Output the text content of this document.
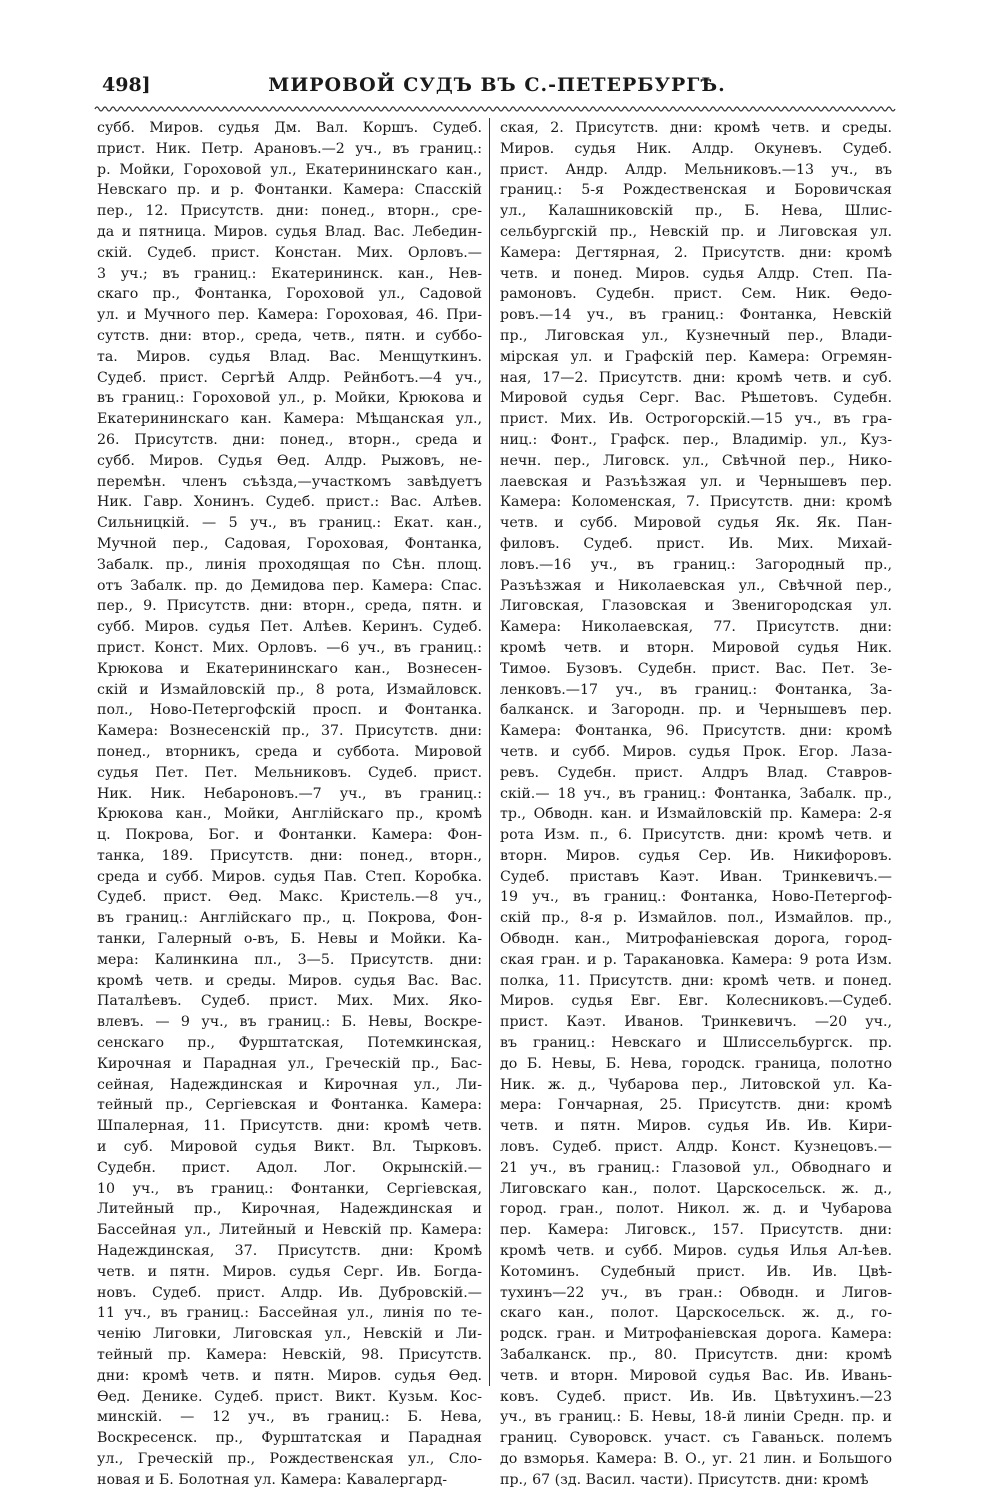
498]	МИРОВОЙ СУДЪ ВЪ С.-ПЕТЕРБУРГѢ.
субб. Миров. судья Дм. Вал. Коршъ. Судеб.
прист. Ник. Петр. Арановъ.—2 уч., въ границ.:
р. Мойки, Гороховой ул., Екатерининскаго кан.,
Невскаго пр. и р. Фонтанки. Камера: Спасскій
пер., 12. Присутств. дни: понед., вторн., сре-
да и пятница. Миров. судья Влад. Вас. Лебедин-
скій. Судеб. прист. Констан. Мих. Орловъ.—
3 уч.; въ границ.: Екатерининск. кан., Нев-
скаго пр., Фонтанка, Гороховой ул., Садовой
ул. и Мучного пер. Камера: Гороховая, 46. При-
сутств. дни: втор., среда, четв., пятн. и суббо-
та. Миров. судья Влад. Вас. Менщуткинъ.
Судеб. прист. Сергѣй Алдр. Рейнботъ.—4 уч.,
въ границ.: Гороховой ул., р. Мойки, Крюкова и
Екатерининскаго кан. Камера: Мѣщанская ул.,
26. Присутств. дни: понед., вторн., среда и
субб. Миров. Судья Ѳед. Алдр. Рыжовъ, не-
перемѣн. членъ съѣзда,—участкомъ завѣдуетъ
Ник. Гавр. Хонинъ. Судеб. прист.: Вас. Алѣев.
Сильницкій. — 5 уч., въ границ.: Екат. кан.,
Мучной пер., Садовая, Гороховая, Фонтанка,
Забалк. пр., линія проходящая по Сѣн. площ.
отъ Забалк. пр. до Демидова пер. Камера: Спас.
пер., 9. Присутств. дни: вторн., среда, пятн. и
субб. Миров. судья Пет. Алѣев. Керинъ. Судеб.
прист. Конст. Мих. Орловъ. —6 уч., въ границ.:
Крюкова и Екатерининскаго кан., Вознесен-
скій и Измайловскій пр., 8 рота, Измайловск.
пол., Ново-Петергофскій просп. и Фонтанка.
Камера: Вознесенскій пр., 37. Присутств. дни:
понед., вторникъ, среда и суббота. Мировой
судья Пет. Пет. Мельниковъ. Судеб. прист.
Ник. Ник. Небароновъ.—7 уч., въ границ.:
Крюкова кан., Мойки, Англійскаго пр., кромѣ
ц. Покрова, Бог. и Фонтанки. Камера: Фон-
танка, 189. Присутств. дни: понед., вторн.,
среда и субб. Миров. судья Пав. Степ. Коробка.
Судеб. прист. Ѳед. Макс. Кристель.—8 уч.,
въ границ.: Англійскаго пр., ц. Покрова, Фон-
танки, Галерный о-въ, Б. Невы и Мойки. Ка-
мера: Калинкина пл., 3—5. Присутств. дни:
кромѣ четв. и среды. Миров. судья Вас. Вас.
Паталѣевъ. Судеб. прист. Мих. Мих. Яко-
влевъ. — 9 уч., въ границ.: Б. Невы, Воскре-
сенскаго пр., Фурштатская, Потемкинская,
Кирочная и Парадная ул., Греческій пр., Бас-
сейная, Надеждинская и Кирочная ул., Ли-
тейный пр., Сергіевская и Фонтанка. Камера:
Шпалерная, 11. Присутств. дни: кромѣ четв.
и суб. Мировой судья Викт. Вл. Тырковъ.
Судебн. прист. Адол. Лог. Окрынскій.—
10 уч., въ границ.: Фонтанки, Сергіевская,
Литейный пр., Кирочная, Надеждинская и
Бассейная ул., Литейный и Невскій пр. Камера:
Надеждинская, 37. Присутств. дни: Кромѣ
четв. и пятн. Миров. судья Серг. Ив. Богда-
новъ. Судеб. прист. Алдр. Ив. Дубровскій.—
11 уч., въ границ.: Бассейная ул., линія по те-
ченію Лиговки, Лиговская ул., Невскій и Ли-
тейный пр. Камера: Невскій, 98. Присутств.
дни: кромѣ четв. и пятн. Миров. судья Ѳед.
Ѳед. Деникe. Судеб. прист. Викт. Кузьм. Кос-
минскій. — 12 уч., въ границ.: Б. Нева,
Воскресенск. пр., Фурштатская и Парадная
ул., Греческій пр., Рождественская ул., Сло-
новая и Б. Болотная ул. Камера: Кавалергард-
ская, 2. Присутств. дни: кромѣ четв. и среды.
Миров. судья Ник. Алдр. Окуневъ. Судеб.
прист. Андр. Алдр. Мельниковъ.—13 уч., въ
границ.: 5-я Рождественская и Боровичская
ул., Калашниковскій пр., Б. Нева, Шлис-
сельбургскій пр., Невскій пр. и Лиговская ул.
Камера: Дегтярная, 2. Присутств. дни: кромѣ
четв. и понед. Миров. судья Алдр. Степ. Па-
рамоновъ. Судебн. прист. Сем. Ник. Ѳедо-
ровъ.—14 уч., въ границ.: Фонтанка, Невскій
пр., Лиговская ул., Кузнечный пер., Влади-
мірская ул. и Графскій пер. Камера: Огремян-
ная, 17—2. Присутств. дни: кромѣ четв. и суб.
Мировой судья Серг. Вас. Рѣшетовъ. Судебн.
прист. Мих. Ив. Острогорскій.—15 уч., въ гра-
ниц.: Фонт., Графск. пер., Владимір. ул., Куз-
нечн. пер., Лиговск. ул., Свѣчной пер., Нико-
лаевская и Разъѣзжая ул. и Чернышевъ пер.
Камера: Коломенская, 7. Присутств. дни: кромѣ
четв. и субб. Мировой судья Як. Як. Пан-
филовъ. Судеб. прист. Ив. Мих. Михай-
ловъ.—16 уч., въ границ.: Загородный пр.,
Разъѣзжая и Николаевская ул., Свѣчной пер.,
Лиговская, Глазовская и Звенигородская ул.
Камера: Николаевская, 77. Присутств. дни:
кромѣ четв. и вторн. Мировой судья Ник.
Тимоѳ. Бузовъ. Судебн. прист. Вас. Пет. Зе-
ленковъ.—17 уч., въ границ.: Фонтанка, За-
балканск. и Загородн. пр. и Чернышевъ пер.
Камера: Фонтанка, 96. Присутств. дни: кромѣ
четв. и субб. Миров. судья Прок. Егор. Лаза-
ревъ. Судебн. прист. Алдръ Влад. Ставров-
скій.— 18 уч., въ границ.: Фонтанка, Забалк. пр.,
тр., Обводн. кан. и Измайловскій пр. Камера: 2-я
рота Изм. п., 6. Присутств. дни: кромѣ четв. и
вторн. Миров. судья Сер. Ив. Никифоровъ.
Судеб. приставъ Каэт. Иван. Тринкевичъ.—
19 уч., въ границ.: Фонтанка, Ново-Петергоф-
скій пр., 8-я р. Измайлов. пол., Измайлов. пр.,
Обводн. кан., Митрофаніевская дорога, город-
ская гран. и р. Таракановка. Камера: 9 рота Изм.
полка, 11. Присутств. дни: кромѣ четв. и понед.
Миров. судья Евг. Евг. Колесниковъ.—Судеб.
прист. Каэт. Иванов. Тринкевичъ. —20 уч.,
въ границ.: Невскаго и Шлиссельбургск. пр.
до Б. Невы, Б. Нева, городск. граница, полотно
Ник. ж. д., Чубарова пер., Литовской ул. Ка-
мера: Гончарная, 25. Присутств. дни: кромѣ
четв. и пятн. Миров. судья Ив. Ив. Кири-
ловъ. Судеб. прист. Алдр. Конст. Кузнецовъ.—
21 уч., въ границ.: Глазовой ул., Обводнаго и
Лиговскаго кан., полот. Царскосельск. ж. д.,
город. гран., полот. Никол. ж. д. и Чубарова
пер. Камера: Лиговск., 157. Присутств. дни:
кромѣ четв. и субб. Миров. судья Илья Ал-ѣев.
Котоминъ. Судебный прист. Ив. Ив. Цвѣ-
тухинъ—22 уч., въ гран.: Обводн. и Лигов-
скаго кан., полот. Царскосельск. ж. д., го-
родск. гран. и Митрофаніевская дорога. Камера:
Забалканск. пр., 80. Присутств. дни: кромѣ
четв. и вторн. Мировой судья Вас. Ив. Ивань-
ковъ. Судеб. прист. Ив. Ив. Цвѣтухинъ.—23
уч., въ границ.: Б. Невы, 18-й линіи Средн. пр. и
границ. Суворовск. участ. съ Гаваньск. полемъ
до взморья. Камера: В. О., уг. 21 лин. и Большого
пр., 67 (зд. Васил. части). Присутств. дни: кромѣ
